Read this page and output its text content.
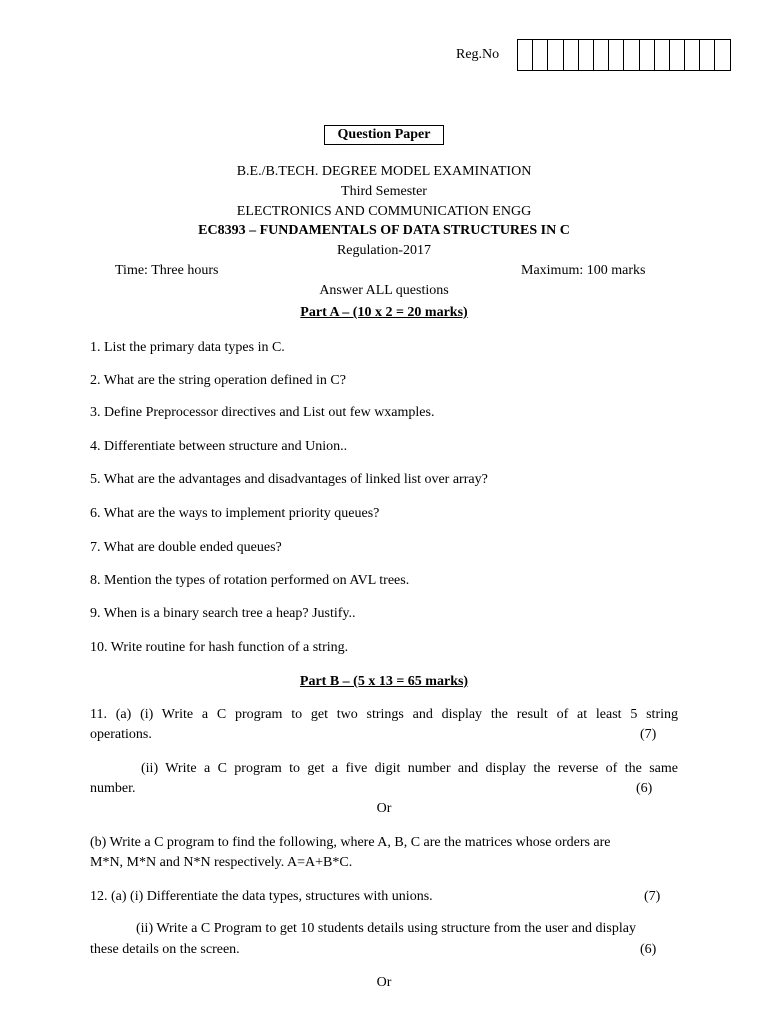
Reg.No
Question Paper
B.E./B.TECH. DEGREE MODEL EXAMINATION
Third Semester
ELECTRONICS AND COMMUNICATION ENGG
EC8393 – FUNDAMENTALS OF DATA STRUCTURES IN C
Regulation-2017
Time: Three hours	Maximum: 100 marks
Answer ALL questions
Part A – (10 x 2 = 20 marks)
1. List the primary data types in C.
2. What are the string operation defined in C?
3. Define Preprocessor directives and List out few wxamples.
4. Differentiate between structure and Union..
5. What are the advantages and disadvantages of linked list over array?
6. What are the ways to implement priority queues?
7. What are double ended queues?
8. Mention the types of rotation performed on AVL trees.
9. When is a binary search tree a heap? Justify..
10. Write routine for hash function of a string.
Part B – (5 x 13 = 65 marks)
11. (a) (i) Write a C program to get two strings and display the result of at least 5 string
operations.	(7)
(ii) Write a C program to get a five digit number and display the reverse of the same
number.	(6)
Or
(b) Write a C program to find the following, where A, B, C are the matrices whose orders are
M*N, M*N and N*N respectively. A=A+B*C.
12. (a) (i) Differentiate the data types, structures with unions.	(7)
(ii) Write a C Program to get 10 students details using structure from the user and display
these details on the screen.	(6)
Or
